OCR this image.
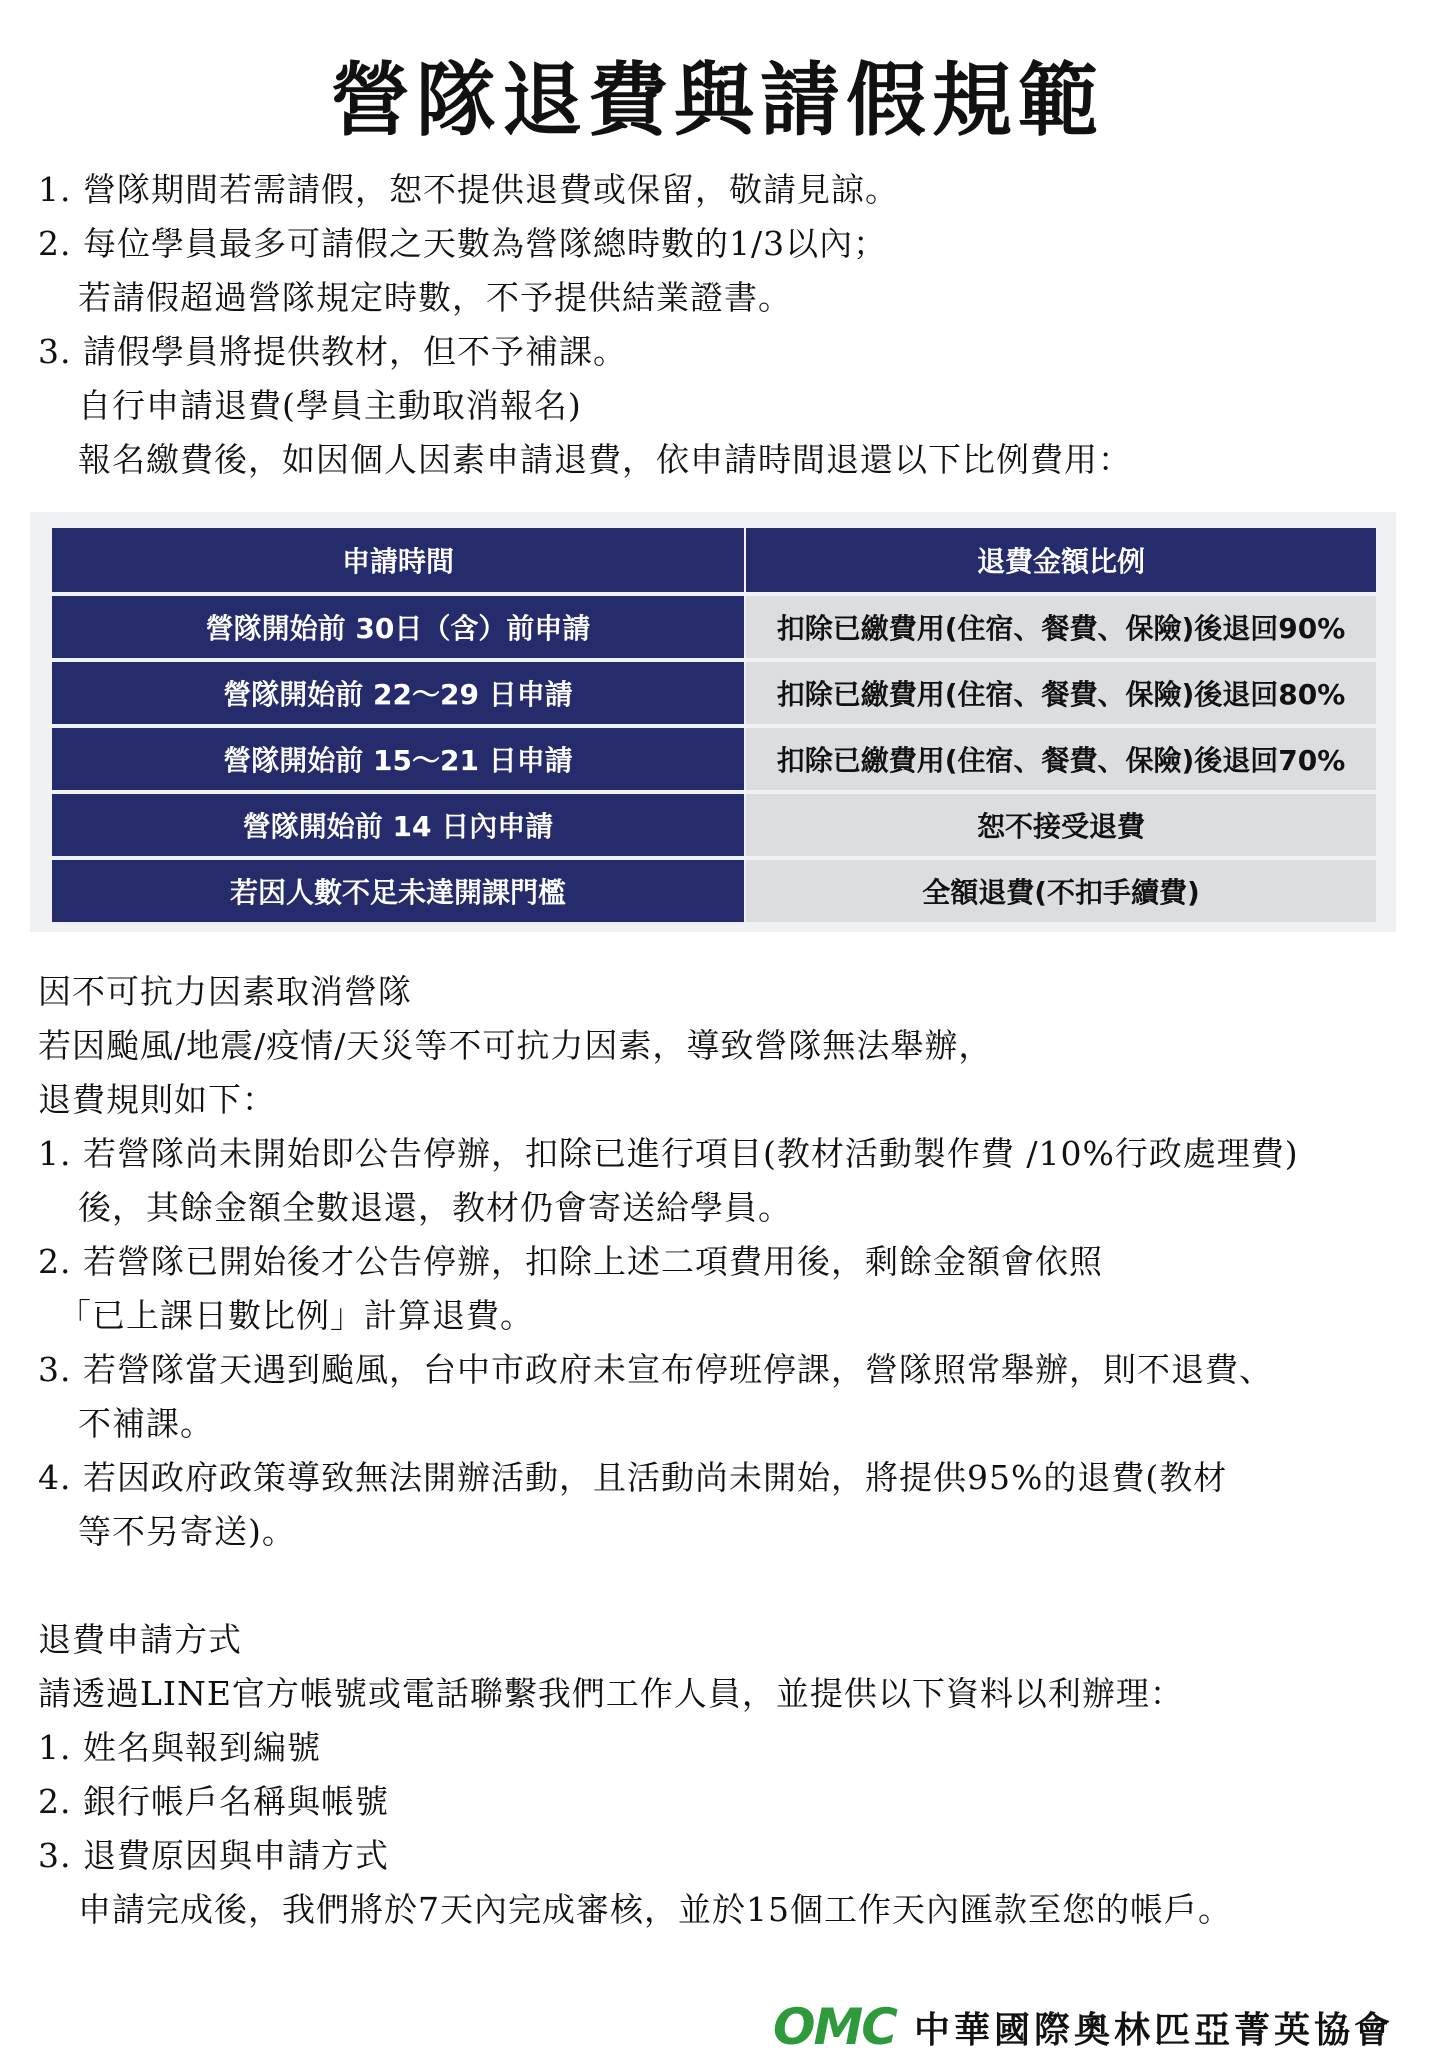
營隊退費與請假規範
1. 營隊期間若需請假，恕不提供退費或保留，敬請見諒。
2. 每位學員最多可請假之天數為營隊總時數的1/3以內；
若請假超過營隊規定時數，不予提供結業證書。
3. 請假學員將提供教材，但不予補課。
自行申請退費(學員主動取消報名)
報名繳費後，如因個人因素申請退費，依申請時間退還以下比例費用：
申請時間	退費金額比例
營隊開始前 30日（含）前申請	扣除已繳費用(住宿、餐費、保險)後退回90%
營隊開始前 22～29 日申請	扣除已繳費用(住宿、餐費、保險)後退回80%
營隊開始前 15～21 日申請	扣除已繳費用(住宿、餐費、保險)後退回70%
營隊開始前 14 日內申請	恕不接受退費
若因人數不足未達開課門檻	全額退費(不扣手續費)
因不可抗力因素取消營隊
若因颱風/地震/疫情/天災等不可抗力因素，導致營隊無法舉辦，
退費規則如下：
1. 若營隊尚未開始即公告停辦，扣除已進行項目(教材活動製作費 /10%行政處理費)
後，其餘金額全數退還，教材仍會寄送給學員。
2. 若營隊已開始後才公告停辦，扣除上述二項費用後，剩餘金額會依照
「已上課日數比例」計算退費。
3. 若營隊當天遇到颱風，台中市政府未宣布停班停課，營隊照常舉辦，則不退費、
不補課。
4. 若因政府政策導致無法開辦活動，且活動尚未開始，將提供95%的退費(教材
等不另寄送)。
退費申請方式
請透過LINE官方帳號或電話聯繫我們工作人員，並提供以下資料以利辦理：
1. 姓名與報到編號
2. 銀行帳戶名稱與帳號
3. 退費原因與申請方式
申請完成後，我們將於7天內完成審核，並於15個工作天內匯款至您的帳戶。
OMC 中華國際奧林匹亞菁英協會
